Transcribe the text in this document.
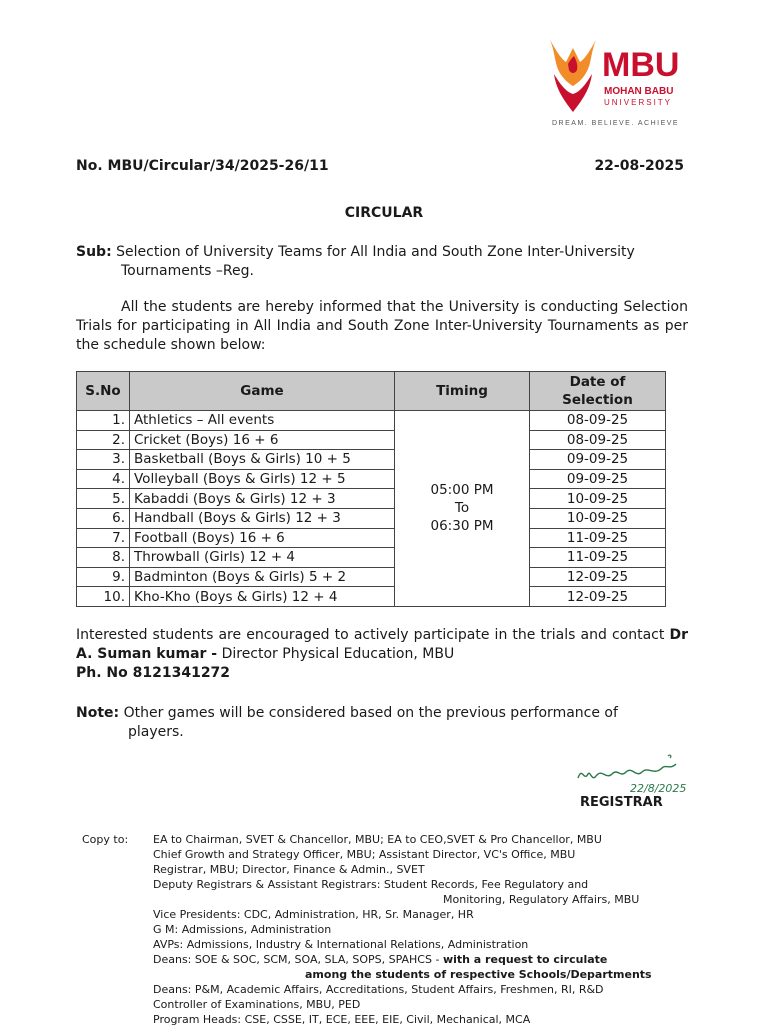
MBU
MOHAN BABU
UNIVERSITY
DREAM. BELIEVE. ACHIEVE
No. MBU/Circular/34/2025-26/11	22-08-2025
CIRCULAR
Sub: Selection of University Teams for All India and South Zone Inter-University
Tournaments –Reg.
All the students are hereby informed that the University is conducting Selection Trials for participating in All India and South Zone Inter-University Tournaments as per the schedule shown below:
S.No	Game	Timing	Date of
Selection
1.	Athletics – All events	05:00 PM
To
06:30 PM	08-09-25
2.	Cricket (Boys) 16 + 6		08-09-25
3.	Basketball (Boys & Girls) 10 + 5		09-09-25
4.	Volleyball (Boys & Girls) 12 + 5		09-09-25
5.	Kabaddi (Boys & Girls) 12 + 3		10-09-25
6.	Handball (Boys & Girls) 12 + 3		10-09-25
7.	Football (Boys) 16 + 6		11-09-25
8.	Throwball (Girls) 12 + 4		11-09-25
9.	Badminton (Boys & Girls) 5 + 2		12-09-25
10.	Kho-Kho (Boys & Girls) 12 + 4		12-09-25
Interested students are encouraged to actively participate in the trials and contact Dr A. Suman kumar - Director Physical Education, MBU
Ph. No 8121341272
Note: Other games will be considered based on the previous performance of
players.
22/8/2025
REGISTRAR
Copy to: EA to Chairman, SVET & Chancellor, MBU; EA to CEO,SVET & Pro Chancellor, MBU
Chief Growth and Strategy Officer, MBU; Assistant Director, VC's Office, MBU
Registrar, MBU; Director, Finance & Admin., SVET
Deputy Registrars & Assistant Registrars: Student Records, Fee Regulatory and
Monitoring, Regulatory Affairs, MBU
Vice Presidents: CDC, Administration, HR, Sr. Manager, HR
G M: Admissions, Administration
AVPs: Admissions, Industry & International Relations, Administration
Deans: SOE & SOC, SCM, SOA, SLA, SOPS, SPAHCS - with a request to circulate
among the students of respective Schools/Departments
Deans: P&M, Academic Affairs, Accreditations, Student Affairs, Freshmen, RI, R&D
Controller of Examinations, MBU, PED
Program Heads: CSE, CSSE, IT, ECE, EEE, EIE, Civil, Mechanical, MCA
